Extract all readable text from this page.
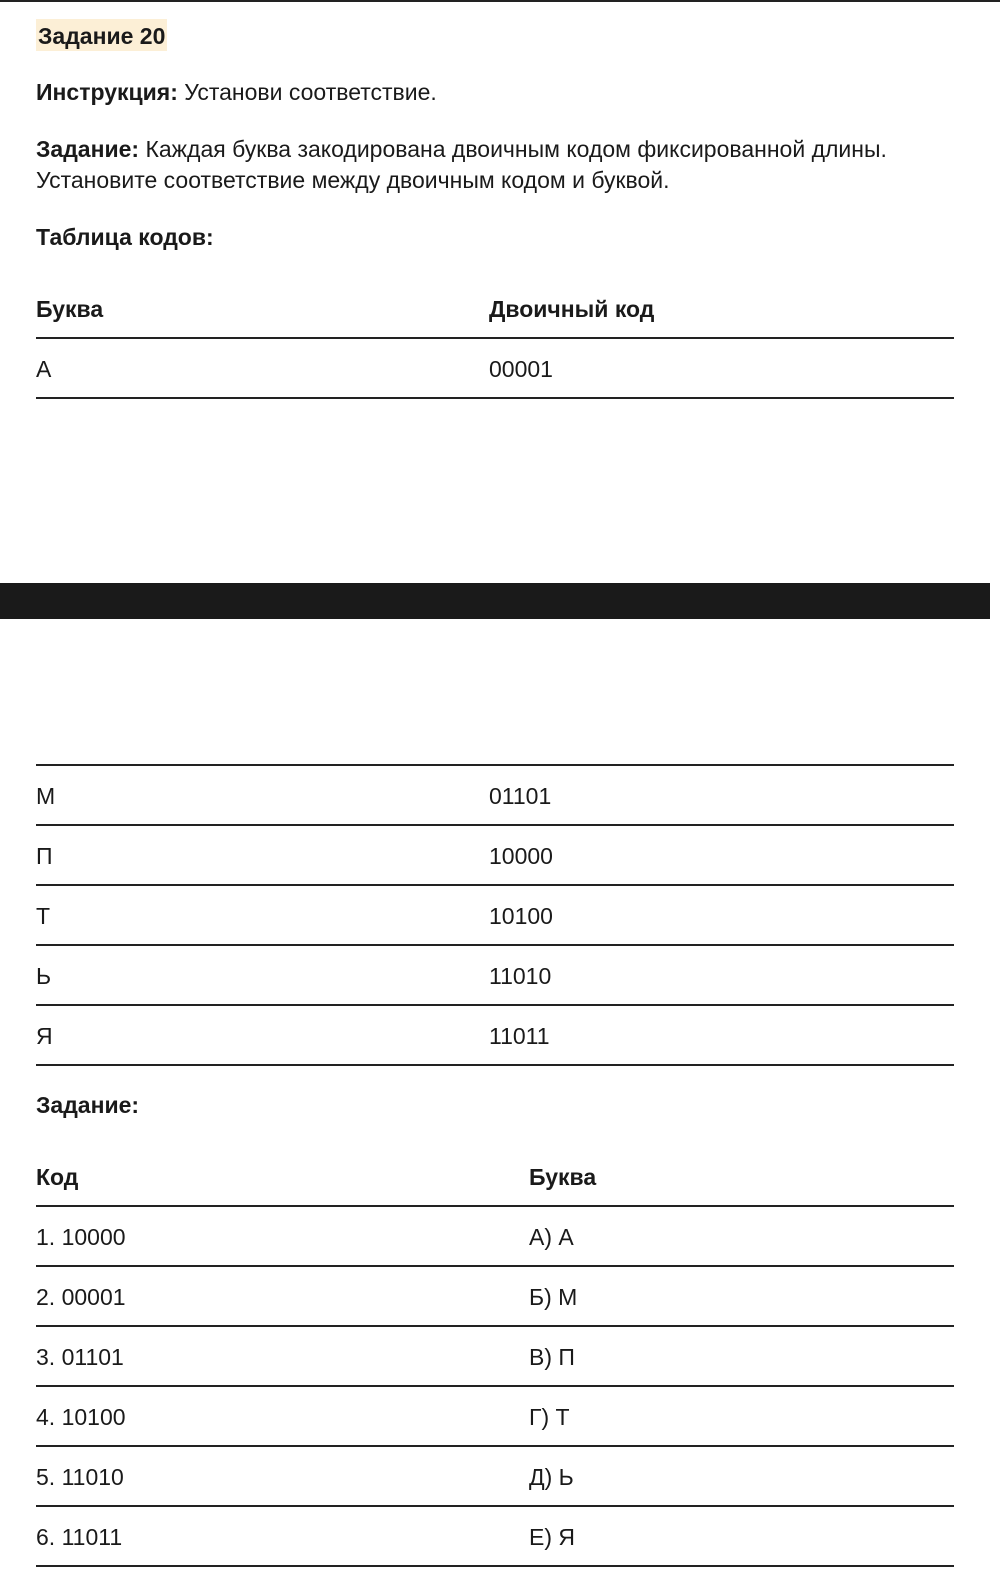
Задание 20
Инструкция: Установи соответствие.
Задание: Каждая буква закодирована двоичным кодом фиксированной длины.
Установите соответствие между двоичным кодом и буквой.
Таблица кодов:
Буква	Двоичный код
А	00001
М	01101
П	10000
Т	10100
Ь	11010
Я	11011
Задание:
Код	Буква
1. 10000	А) А
2. 00001	Б) М
3. 01101	В) П
4. 10100	Г) Т
5. 11010	Д) Ь
6. 11011	Е) Я
